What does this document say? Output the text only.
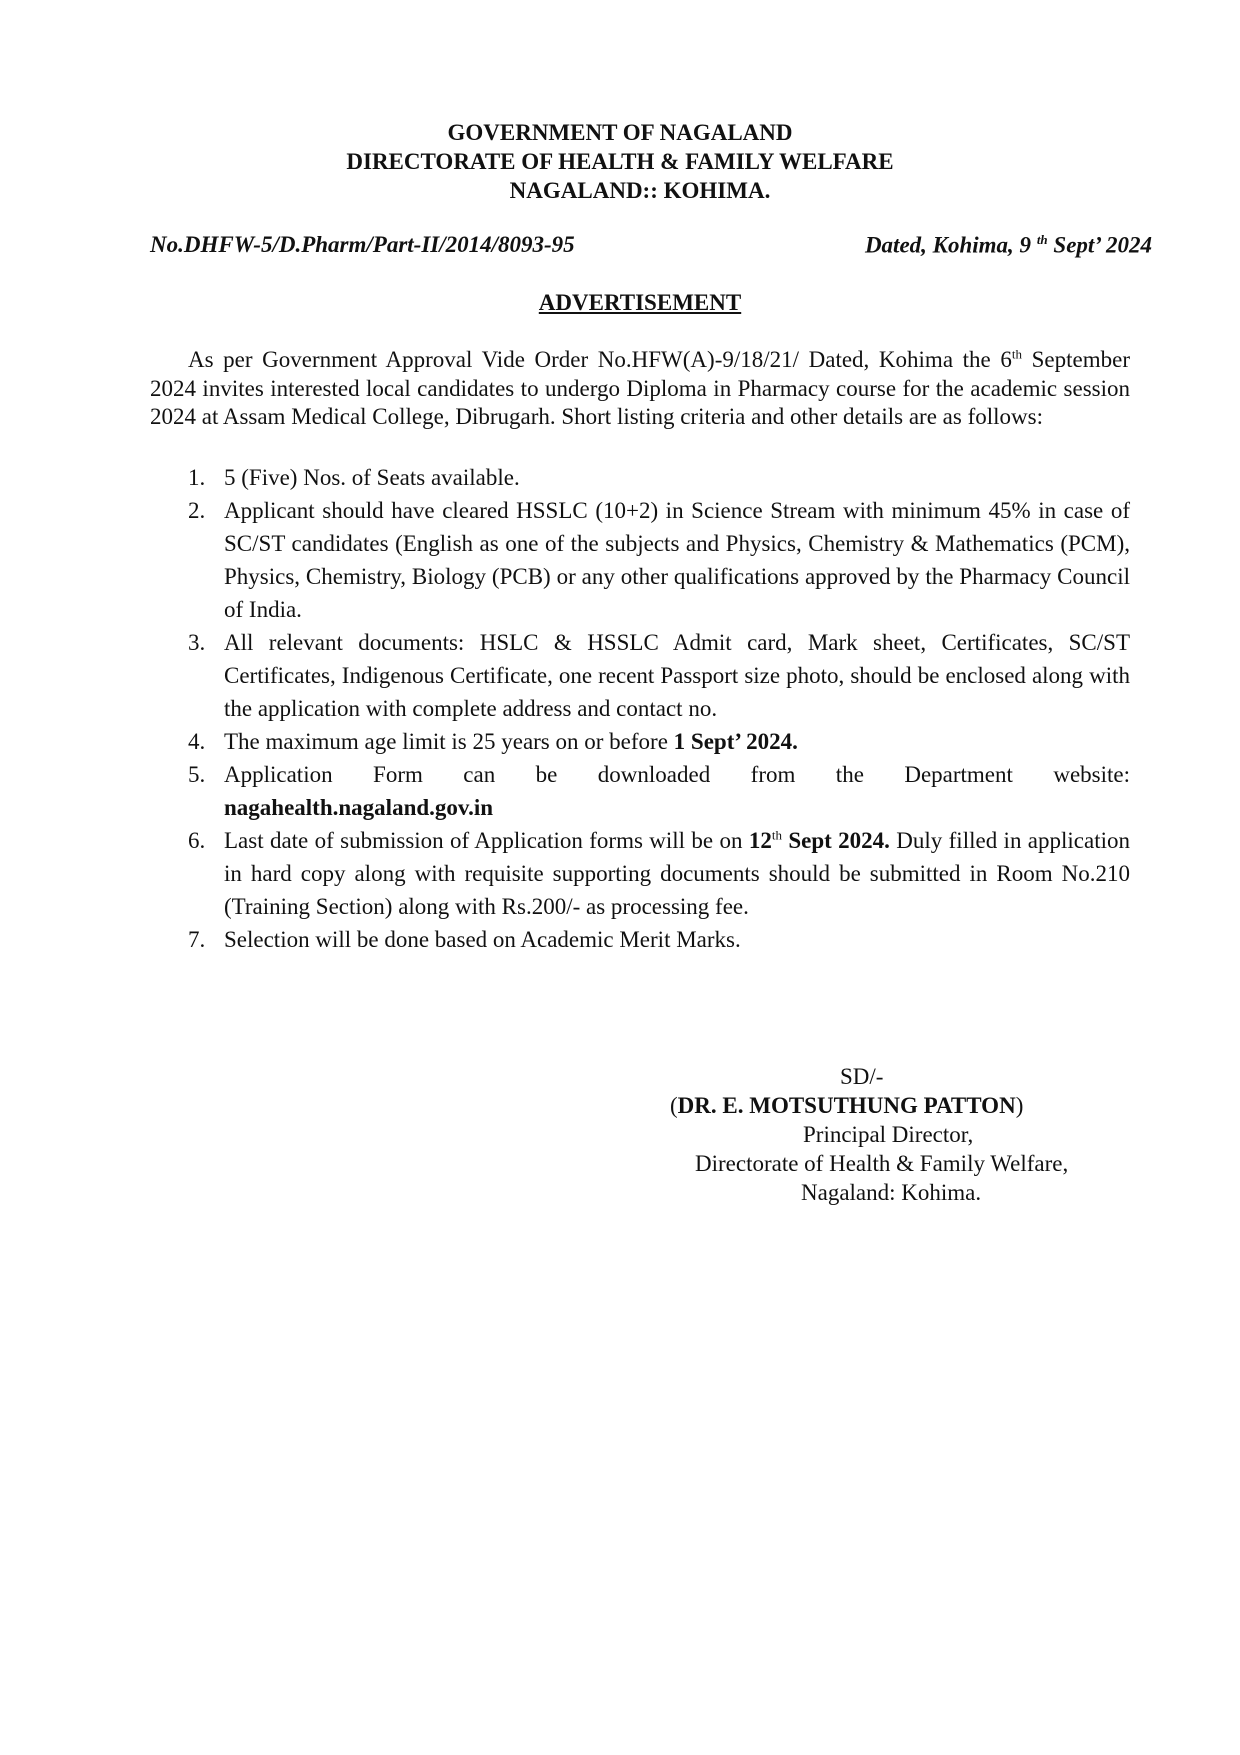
GOVERNMENT OF NAGALAND
DIRECTORATE OF HEALTH & FAMILY WELFARE
NAGALAND:: KOHIMA.
No.DHFW-5/D.Pharm/Part-II/2014/8093-95	Dated, Kohima, 9 $^{th}$ Sept’ 2024
ADVERTISEMENT
As per Government Approval Vide Order No.HFW(A)-9/18/21/ Dated, Kohima the 6th September 2024 invites interested local candidates to undergo Diploma in Pharmacy course for the academic session 2024 at Assam Medical College, Dibrugarh. Short listing criteria and other details are as follows:
1. 5 (Five) Nos. of Seats available.
2. Applicant should have cleared HSSLC (10+2) in Science Stream with minimum 45% in case of SC/ST candidates (English as one of the subjects and Physics, Chemistry & Mathematics (PCM), Physics, Chemistry, Biology (PCB) or any other qualifications approved by the Pharmacy Council of India.
3. All relevant documents: HSLC & HSSLC Admit card, Mark sheet, Certificates, SC/ST Certificates, Indigenous Certificate, one recent Passport size photo, should be enclosed along with the application with complete address and contact no.
4. The maximum age limit is 25 years on or before 1 Sept’ 2024.
5. Application Form can be downloaded from the Department website:
nagahealth.nagaland.gov.in
6. Last date of submission of Application forms will be on 12th Sept 2024. Duly filled in application in hard copy along with requisite supporting documents should be submitted in Room No.210 (Training Section) along with Rs.200/- as processing fee.
7. Selection will be done based on Academic Merit Marks.
SD/-
(DR. E. MOTSUTHUNG PATTON)
Principal Director,
Directorate of Health & Family Welfare,
Nagaland: Kohima.
